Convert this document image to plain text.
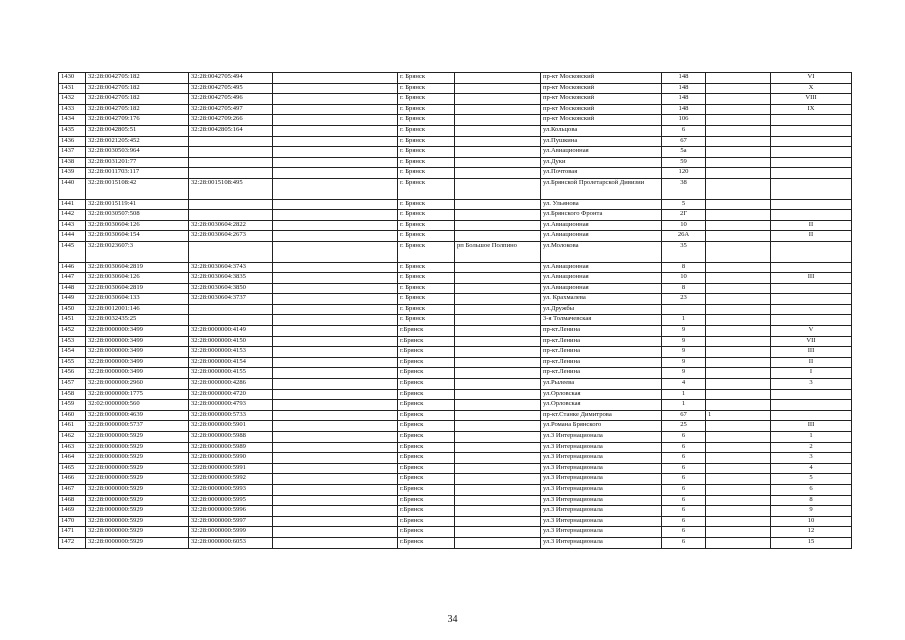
1430	32:28:0042705:182	32:28:0042705:494		г. Брянск		пр-кт Московский	148		VI
1431	32:28:0042705:182	32:28:0042705:495		г. Брянск		пр-кт Московский	148		X
1432	32:28:0042705:182	32:28:0042705:496		г. Брянск		пр-кт Московский	148		VIII
1433	32:28:0042705:182	32:28:0042705:497		г. Брянск		пр-кт Московский	148		IX
1434	32:28:0042709:176	32:28:0042709:266		г. Брянск		пр-кт Московский	106		
1435	32:28:0042805:51	32:28:0042805:164		г. Брянск		ул.Кольцова	6		
1436	32:28:0021205:452			г. Брянск		ул.Пушкина	67		
1437	32:28:0030503:964			г. Брянск		ул.Авиационная	5а		
1438	32:28:0031201:77			г. Брянск		ул.Дуки	59		
1439	32:28:0011703:117			г. Брянск		ул.Почтовая	120		
1440	32:28:0015108:42	32:28:0015108:495		г. Брянск		ул.Брянской Пролетарской Дивизии	38		
1441	32:28:0015119:41			г. Брянск		ул. Ульянова	5		
1442	32:28:0030507:508			г. Брянск		ул.Брянского Фронта	2Г		
1443	32:28:0030604:126	32:28:0030604:2822		г. Брянск		ул.Авиационная	10		II
1444	32:28:0030604:154	32:28:0030604:2673		г. Брянск		ул.Авиационная	26А		II
1445	32:28:0023607:3			г. Брянск	рп Большое Полпино	ул.Молокова	35		
1446	32:28:0030604:2819	32:28:0030604:3743		г. Брянск		ул.Авиационная	8		
1447	32:28:0030604:126	32:28:0030604:3835		г. Брянск		ул.Авиационная	10		III
1448	32:28:0030604:2819	32:28:0030604:3850		г. Брянск		ул.Авиационная	8		
1449	32:28:0030604:133	32:28:0030604:3737		г. Брянск		ул. Крахмалева	23		
1450	32:28:0012001:146			г. Брянск		ул.Дружбы			
1451	32:28:0032435:25			г. Брянск		3-я Толмачевская	1		
1452	32:28:0000000:3499	32:28:0000000:4149		г.Брянск		пр-кт.Ленина	9		V
1453	32:28:0000000:3499	32:28:0000000:4150		г.Брянск		пр-кт.Ленина	9		VII
1454	32:28:0000000:3499	32:28:0000000:4153		г.Брянск		пр-кт.Ленина	9		III
1455	32:28:0000000:3499	32:28:0000000:4154		г.Брянск		пр-кт.Ленина	9		II
1456	32:28:0000000:3499	32:28:0000000:4155		г.Брянск		пр-кт.Ленина	9		I
1457	32:28:0000000:2960	32:28:0000000:4286		г.Брянск		ул.Рылеева	4		3
1458	32:28:0000000:1775	32:28:0000000:4720		г.Брянск		ул.Орловская	1		
1459	32:02:0000000:560	32:28:0000000:4793		г.Брянск		ул.Орловская	1		
1460	32:28:0000000:4639	32:28:0000000:5733		г.Брянск		пр-кт.Станке Димитрова	67	1	
1461	32:28:0000000:5737	32:28:0000000:5901		г.Брянск		ул.Романа Брянского	25		III
1462	32:28:0000000:5929	32:28:0000000:5988		г.Брянск		ул.3 Интернационала	6		1
1463	32:28:0000000:5929	32:28:0000000:5989		г.Брянск		ул.3 Интернационала	6		2
1464	32:28:0000000:5929	32:28:0000000:5990		г.Брянск		ул.3 Интернационала	6		3
1465	32:28:0000000:5929	32:28:0000000:5991		г.Брянск		ул.3 Интернационала	6		4
1466	32:28:0000000:5929	32:28:0000000:5992		г.Брянск		ул.3 Интернационала	6		5
1467	32:28:0000000:5929	32:28:0000000:5993		г.Брянск		ул.3 Интернационала	6		6
1468	32:28:0000000:5929	32:28:0000000:5995		г.Брянск		ул.3 Интернационала	6		8
1469	32:28:0000000:5929	32:28:0000000:5996		г.Брянск		ул.3 Интернационала	6		9
1470	32:28:0000000:5929	32:28:0000000:5997		г.Брянск		ул.3 Интернационала	6		10
1471	32:28:0000000:5929	32:28:0000000:5999		г.Брянск		ул.3 Интернационала	6		12
1472	32:28:0000000:5929	32:28:0000000:6053		г.Брянск		ул.3 Интернационала	6		15
34
